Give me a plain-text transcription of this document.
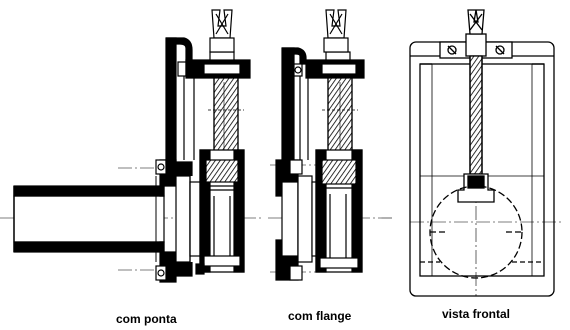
com ponta	com flange	vista frontal
